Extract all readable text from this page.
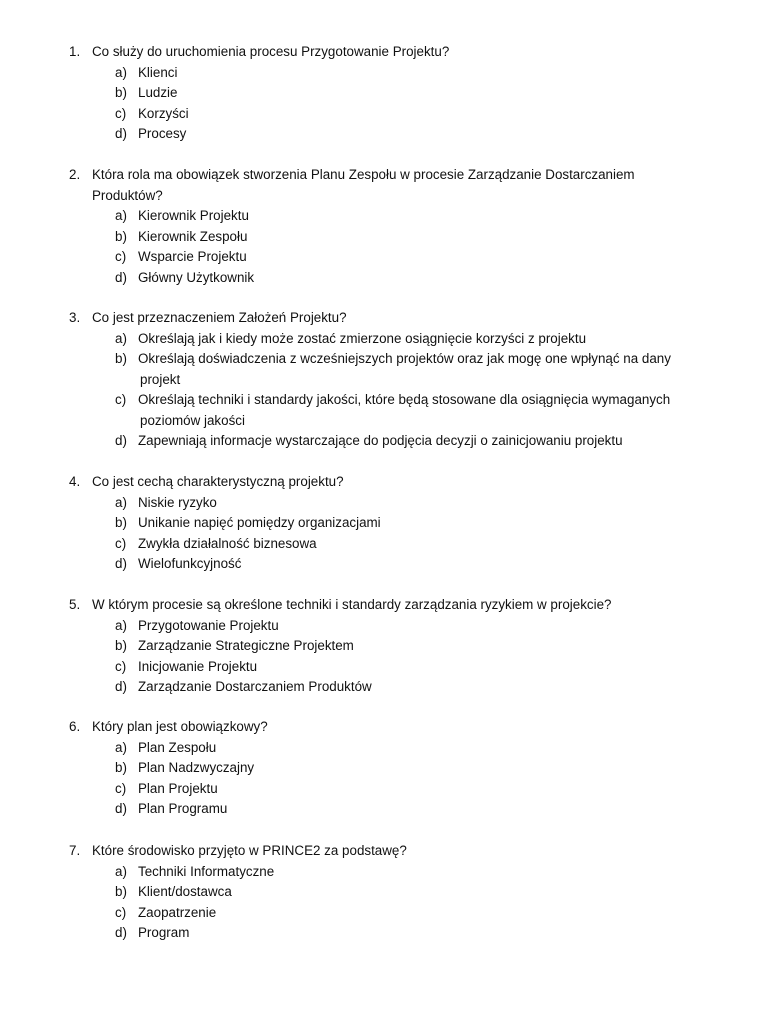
1. Co służy do uruchomienia procesu Przygotowanie Projektu?
a) Klienci
b) Ludzie
c) Korzyści
d) Procesy
2. Która rola ma obowiązek stworzenia Planu Zespołu w procesie Zarządzanie Dostarczaniem
Produktów?
a) Kierownik Projektu
b) Kierownik Zespołu
c) Wsparcie Projektu
d) Główny Użytkownik
3. Co jest przeznaczeniem Założeń Projektu?
a) Określają jak i kiedy może zostać zmierzone osiągnięcie korzyści z projektu
b) Określają doświadczenia z wcześniejszych projektów oraz jak mogę one wpłynąć na dany
projekt
c) Określają techniki i standardy jakości, które będą stosowane dla osiągnięcia wymaganych
poziomów jakości
d) Zapewniają informacje wystarczające do podjęcia decyzji o zainicjowaniu projektu
4. Co jest cechą charakterystyczną projektu?
a) Niskie ryzyko
b) Unikanie napięć pomiędzy organizacjami
c) Zwykła działalność biznesowa
d) Wielofunkcyjność
5. W którym procesie są określone techniki i standardy zarządzania ryzykiem w projekcie?
a) Przygotowanie Projektu
b) Zarządzanie Strategiczne Projektem
c) Inicjowanie Projektu
d) Zarządzanie Dostarczaniem Produktów
6. Który plan jest obowiązkowy?
a) Plan Zespołu
b) Plan Nadzwyczajny
c) Plan Projektu
d) Plan Programu
7. Które środowisko przyjęto w PRINCE2 za podstawę?
a) Techniki Informatyczne
b) Klient/dostawca
c) Zaopatrzenie
d) Program
